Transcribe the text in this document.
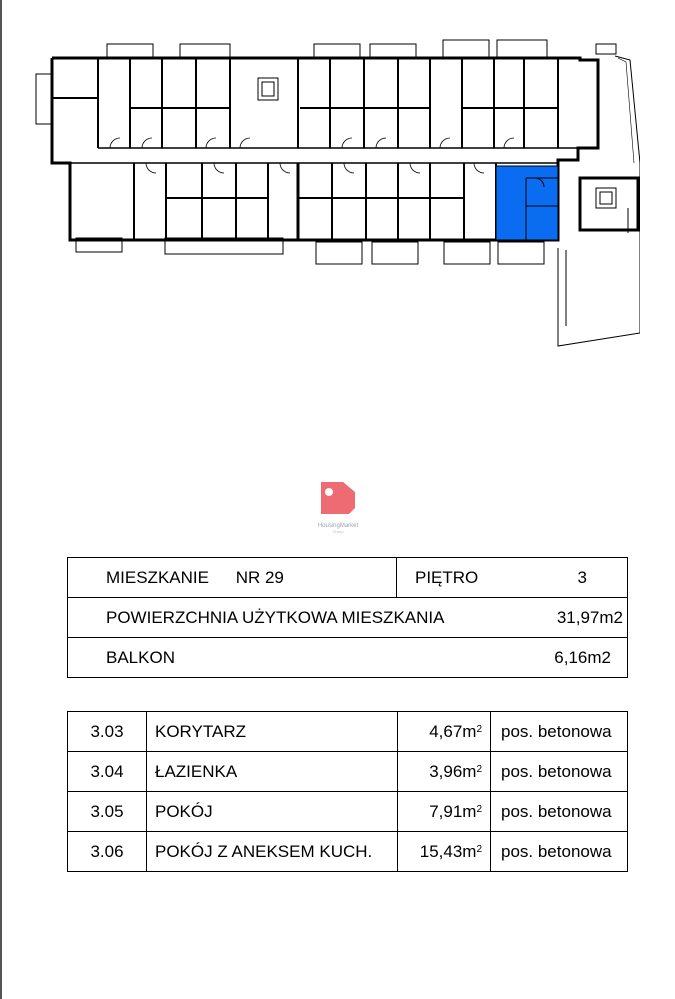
HousingMarket
Group
MIESZKANIE NR 29	PIĘTRO	3

POWIERZCHNIA UŻYTKOWA MIESZKANIA	31,97m2

BALKON	6,16m2
3.03	KORYTARZ	$4,67m^2$	pos. betonowa
3.04	ŁAZIENKA	$3,96m^2$	pos. betonowa
3.05	POKÓJ	$7,91m^2$	pos. betonowa
3.06	POKÓJ Z ANEKSEM KUCH.	$15,43m^2$	pos. betonowa
